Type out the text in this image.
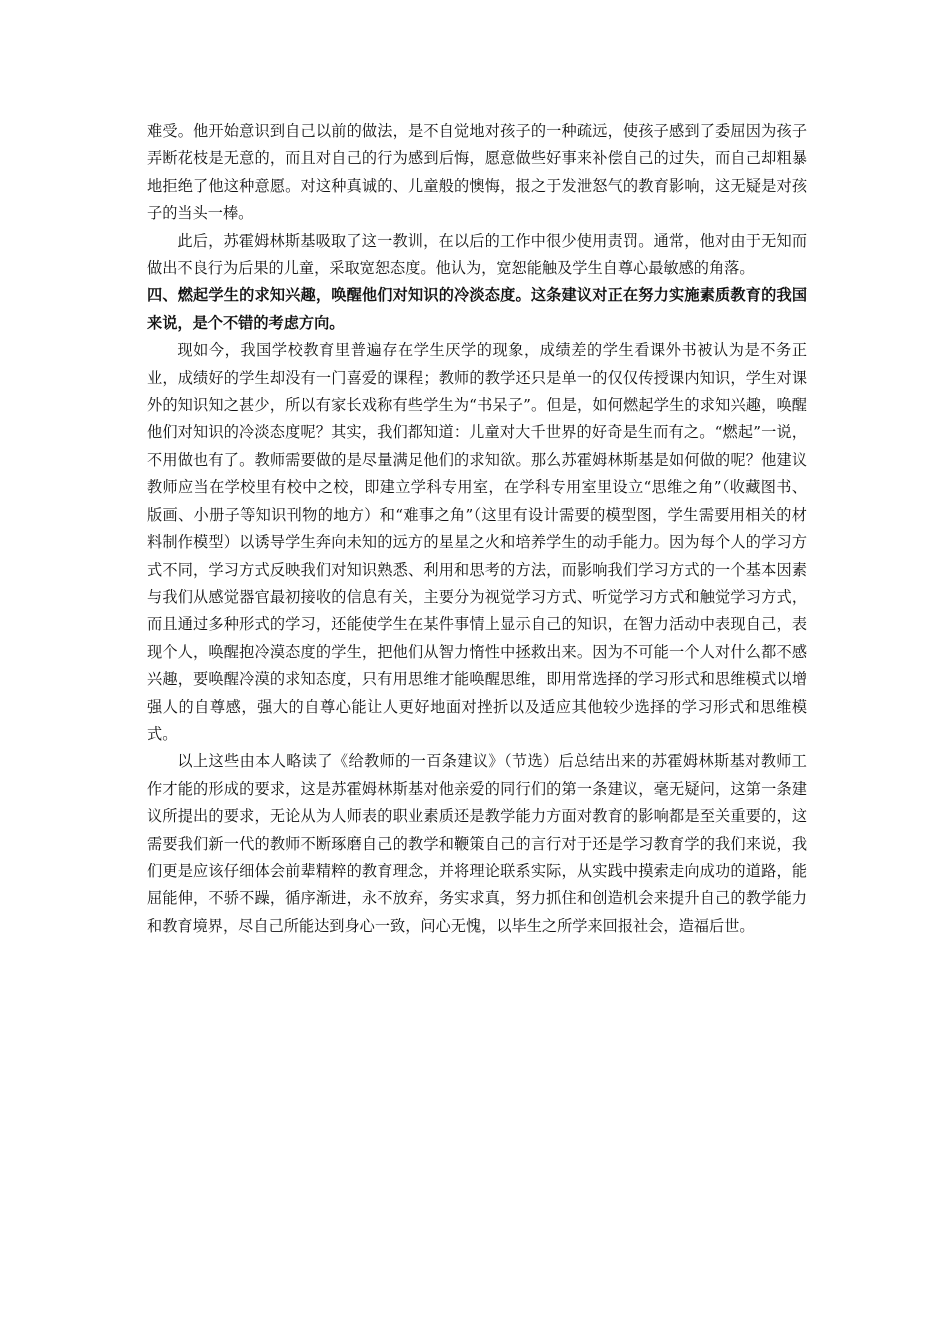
难受。他开始意识到自己以前的做法，是不自觉地对孩子的一种疏远，使孩子感到了委屈因为孩子弄断花枝是无意的，而且对自己的行为感到后悔，愿意做些好事来补偿自己的过失，而自己却粗暴地拒绝了他这种意愿。对这种真诚的、儿童般的懊悔，报之于发泄怒气的教育影响，这无疑是对孩子的当头一棒。

此后，苏霍姆林斯基吸取了这一教训，在以后的工作中很少使用责罚。通常，他对由于无知而做出不良行为后果的儿童，采取宽恕态度。他认为，宽恕能触及学生自尊心最敏感的角落。

四、燃起学生的求知兴趣，唤醒他们对知识的冷淡态度。这条建议对正在努力实施素质教育的我国来说，是个不错的考虑方向。

现如今，我国学校教育里普遍存在学生厌学的现象，成绩差的学生看课外书被认为是不务正业，成绩好的学生却没有一门喜爱的课程；教师的教学还只是单一的仅仅传授课内知识，学生对课外的知识知之甚少，所以有家长戏称有些学生为“书呆子”。但是，如何燃起学生的求知兴趣，唤醒他们对知识的冷淡态度呢？其实，我们都知道：儿童对大千世界的好奇是生而有之。“燃起”一说，不用做也有了。教师需要做的是尽量满足他们的求知欲。那么苏霍姆林斯基是如何做的呢？他建议教师应当在学校里有校中之校，即建立学科专用室，在学科专用室里设立“思维之角”（收藏图书、版画、小册子等知识刊物的地方）和“难事之角”（这里有设计需要的模型图，学生需要用相关的材料制作模型）以诱导学生奔向未知的远方的星星之火和培养学生的动手能力。因为每个人的学习方式不同，学习方式反映我们对知识熟悉、利用和思考的方法，而影响我们学习方式的一个基本因素与我们从感觉器官最初接收的信息有关，主要分为视觉学习方式、听觉学习方式和触觉学习方式，而且通过多种形式的学习，还能使学生在某件事情上显示自己的知识，在智力活动中表现自己，表现个人，唤醒抱冷漠态度的学生，把他们从智力惰性中拯救出来。因为不可能一个人对什么都不感兴趣，要唤醒冷漠的求知态度，只有用思维才能唤醒思维，即用常选择的学习形式和思维模式以增强人的自尊感，强大的自尊心能让人更好地面对挫折以及适应其他较少选择的学习形式和思维模式。

以上这些由本人略读了《给教师的一百条建议》（节选）后总结出来的苏霍姆林斯基对教师工作才能的形成的要求，这是苏霍姆林斯基对他亲爱的同行们的第一条建议，毫无疑问，这第一条建议所提出的要求，无论从为人师表的职业素质还是教学能力方面对教育的影响都是至关重要的，这需要我们新一代的教师不断琢磨自己的教学和鞭策自己的言行对于还是学习教育学的我们来说，我们更是应该仔细体会前辈精粹的教育理念，并将理论联系实际，从实践中摸索走向成功的道路，能屈能伸，不骄不躁，循序渐进，永不放弃，务实求真，努力抓住和创造机会来提升自己的教学能力和教育境界，尽自己所能达到身心一致，问心无愧，以毕生之所学来回报社会，造福后世。
